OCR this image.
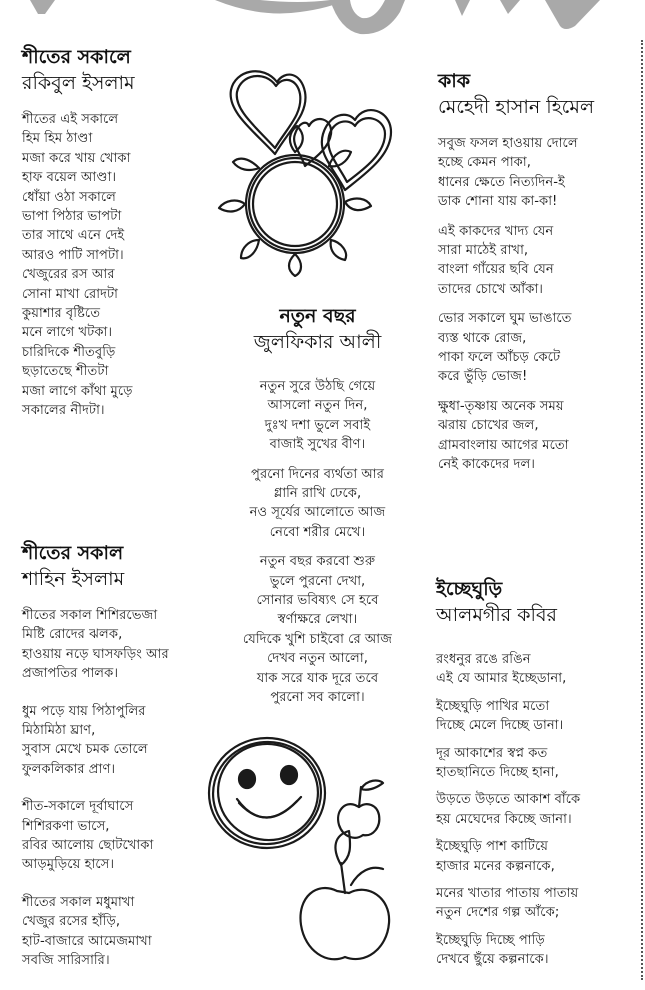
শীতের সকালে
রকিবুল ইসলাম
শীতের এই সকালে
হিম হিম ঠাণ্ডা
মজা করে খায় খোকা
হাফ বয়েল আণ্ডা।
ধোঁয়া ওঠা সকালে
ভাপা পিঠার ভাপটা
তার সাথে এনে দেই
আরও পাটি সাপটা।
খেজুরের রস আর
সোনা মাখা রোদটা
কুয়াশার বৃষ্টিতে
মনে লাগে খটকা।
চারিদিকে শীতবুড়ি
ছড়াতেছে শীতটা
মজা লাগে কাঁথা মুড়ে
সকালের নীদটা।
কাক
মেহেদী হাসান হিমেল
সবুজ ফসল হাওয়ায় দোলে
হচ্ছে কেমন পাকা,
ধানের ক্ষেতে নিত্যদিন-ই
ডাক শোনা যায় কা-কা!
এই কাকদের খাদ্য যেন
সারা মাঠেই রাখা,
বাংলা গাঁয়ের ছবি যেন
তাদের চোখে আঁকা।
ভোর সকালে ঘুম ভাঙাতে
ব্যস্ত থাকে রোজ,
পাকা ফলে আঁচড় কেটে
করে ভুঁড়ি ভোজ!
ক্ষুধা-তৃষ্ণায় অনেক সময়
ঝরায় চোখের জল,
গ্রামবাংলায় আগের মতো
নেই কাকেদের দল।
নতুন বছর
জুলফিকার আলী
নতুন সুরে উঠছি গেয়ে
আসলো নতুন দিন,
দুঃখ দশা ভুলে সবাই
বাজাই সুখের বীণ।
পুরনো দিনের ব্যর্থতা আর
গ্লানি রাখি ঢেকে,
নও সূর্যের আলোতে আজ
নেবো শরীর মেখে।
নতুন বছর করবো শুরু
ভুলে পুরনো দেখা,
সোনার ভবিষ্যৎ সে হবে
স্বর্ণাক্ষরে লেখা।
যেদিকে খুশি চাইবো রে আজ
দেখব নতুন আলো,
যাক সরে যাক দূরে তবে
পুরনো সব কালো।
শীতের সকাল
শাহিন ইসলাম
শীতের সকাল শিশিরভেজা
মিষ্টি রোদের ঝলক,
হাওয়ায় নড়ে ঘাসফড়িং আর
প্রজাপতির পালক।
ধুম পড়ে যায় পিঠাপুলির
মিঠামিঠা ঘ্রাণ,
সুবাস মেখে চমক তোলে
ফুলকলিকার প্রাণ।
শীত-সকালে দূর্বাঘাসে
শিশিরকণা ভাসে,
রবির আলোয় ছোটখোকা
আড়মুড়িয়ে হাসে।
শীতের সকাল মধুমাখা
খেজুর রসের হাঁড়ি,
হাট-বাজারে আমেজমাখা
সবজি সারিসারি।
ইচ্ছেঘুড়ি
আলমগীর কবির
রংধনুর রঙে রঙিন
এই যে আমার ইচ্ছেডানা,
ইচ্ছেঘুড়ি পাখির মতো
দিচ্ছে মেলে দিচ্ছে ডানা।
দূর আকাশের স্বপ্ন কত
হাতছানিতে দিচ্ছে হানা,
উড়তে উড়তে আকাশ বাঁকে
হয় মেঘেদের কিচ্ছে জানা।
ইচ্ছেঘুড়ি পাশ কাটিয়ে
হাজার মনের কল্পনাকে,
মনের খাতার পাতায় পাতায়
নতুন দেশের গল্প আঁকে;
ইচ্ছেঘুড়ি দিচ্ছে পাড়ি
দেখবে ছুঁয়ে কল্পনাকে।
